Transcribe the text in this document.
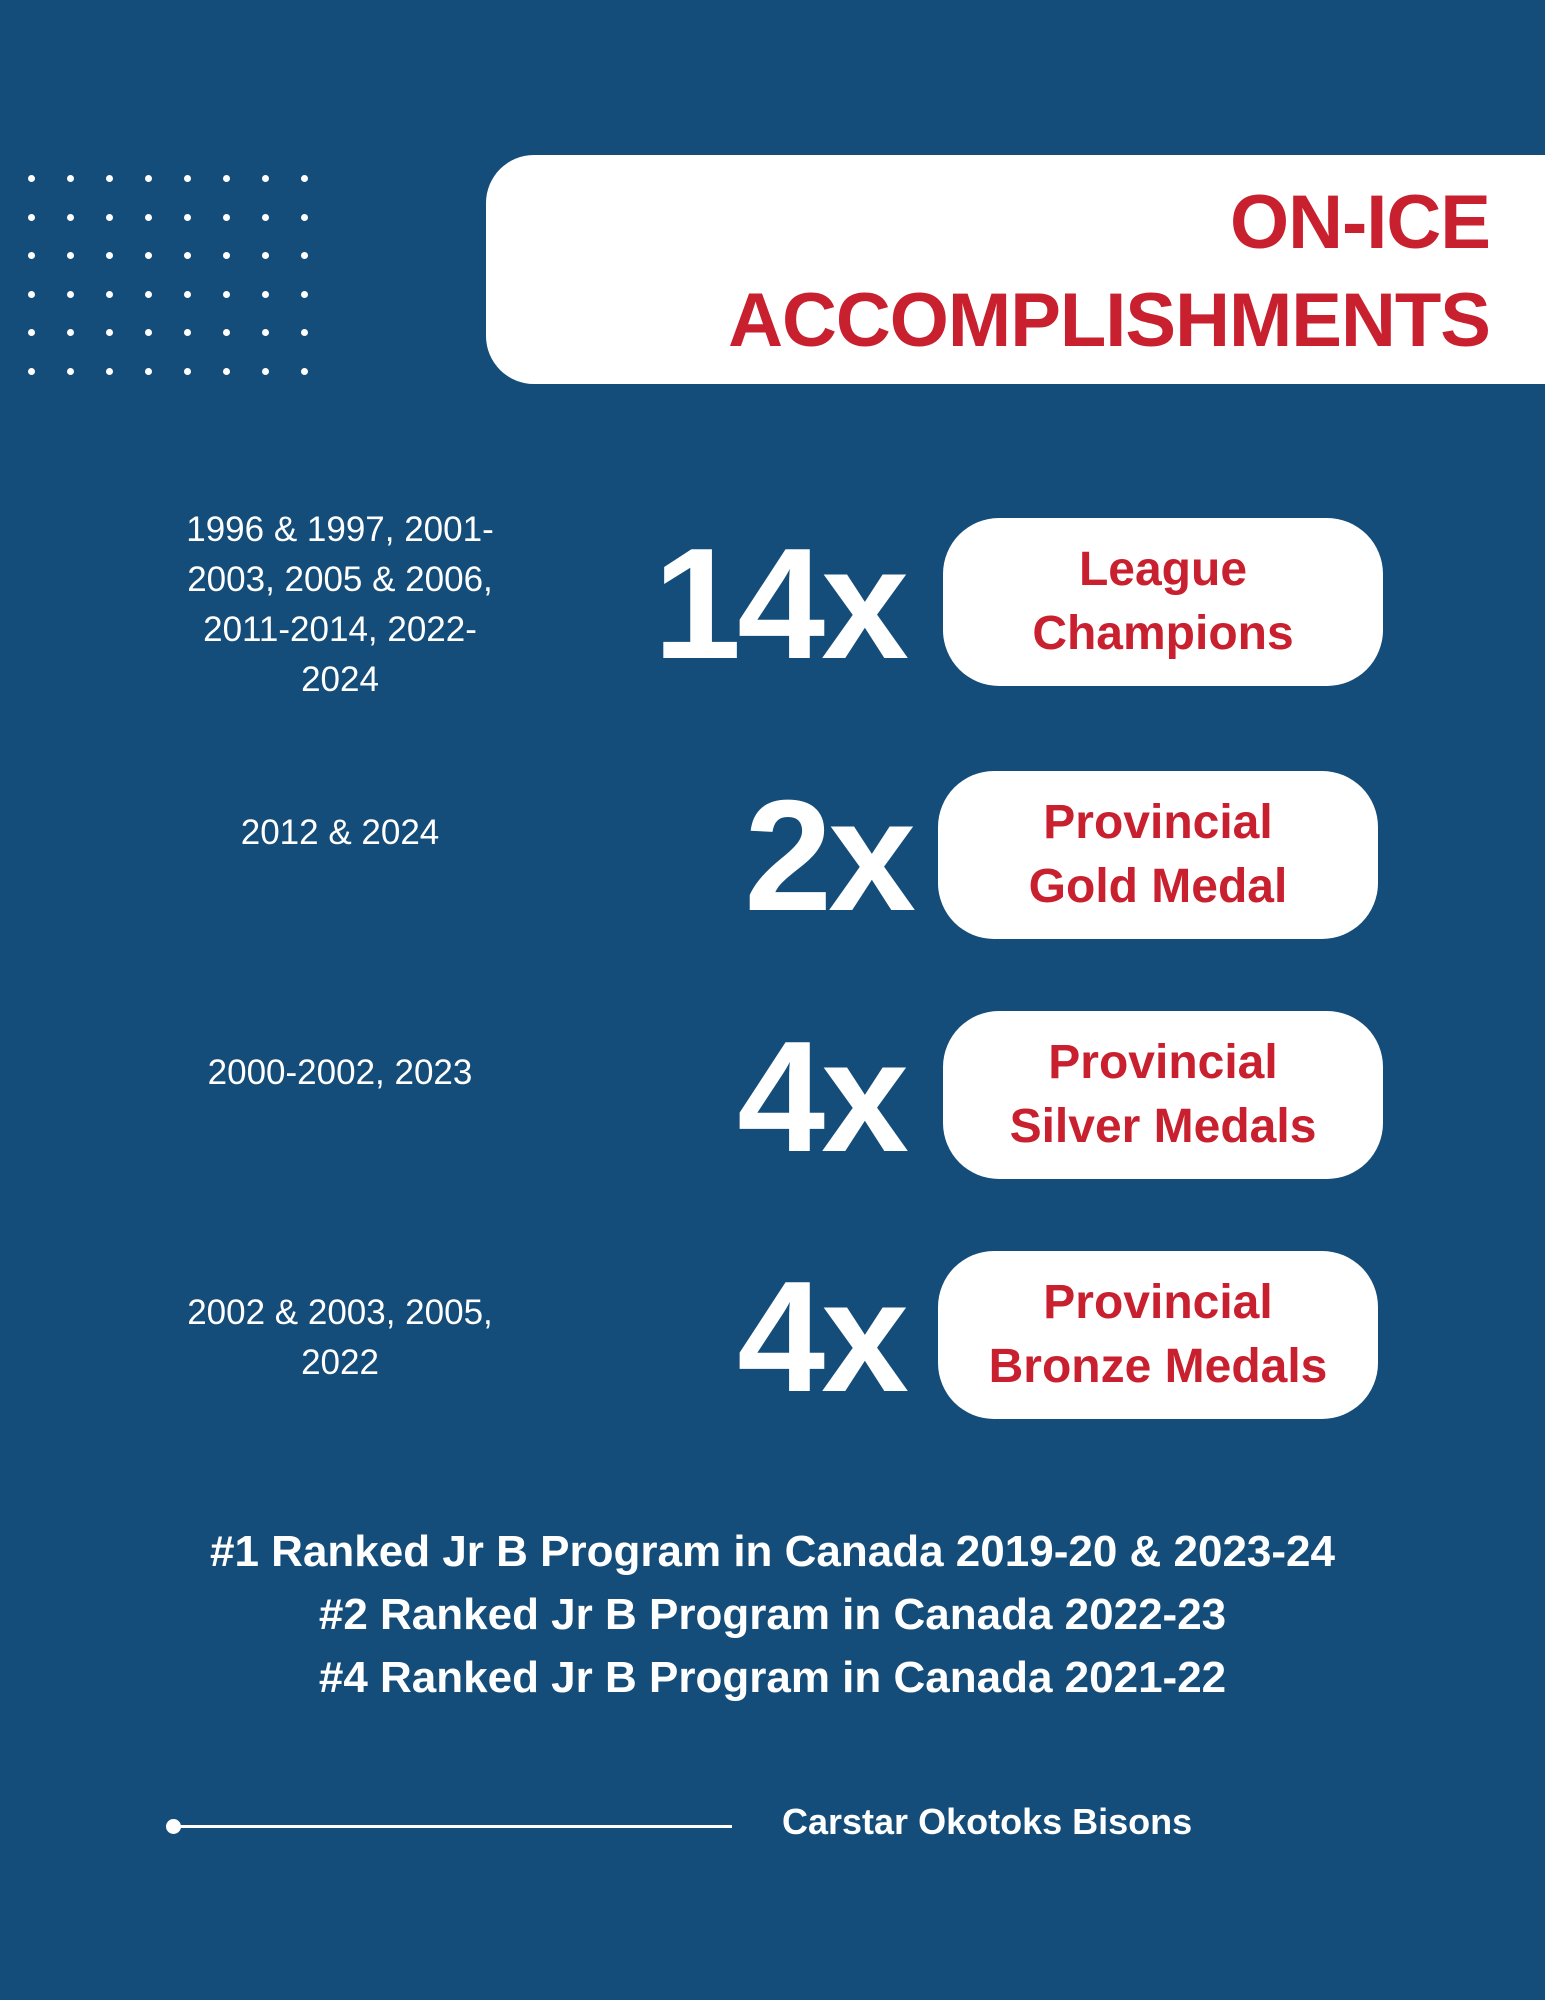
ON-ICE
ACCOMPLISHMENTS
1996 & 1997, 2001-
2003, 2005 & 2006,
2011-2014, 2022-
2024	14x	League
Champions
2012 & 2024	2x	Provincial
Gold Medal
2000-2002, 2023	4x	Provincial
Silver Medals
2002 & 2003, 2005,
2022	4x	Provincial
Bronze Medals
#1 Ranked Jr B Program in Canada 2019-20 & 2023-24
#2 Ranked Jr B Program in Canada 2022-23
#4 Ranked Jr B Program in Canada 2021-22
Carstar Okotoks Bisons
